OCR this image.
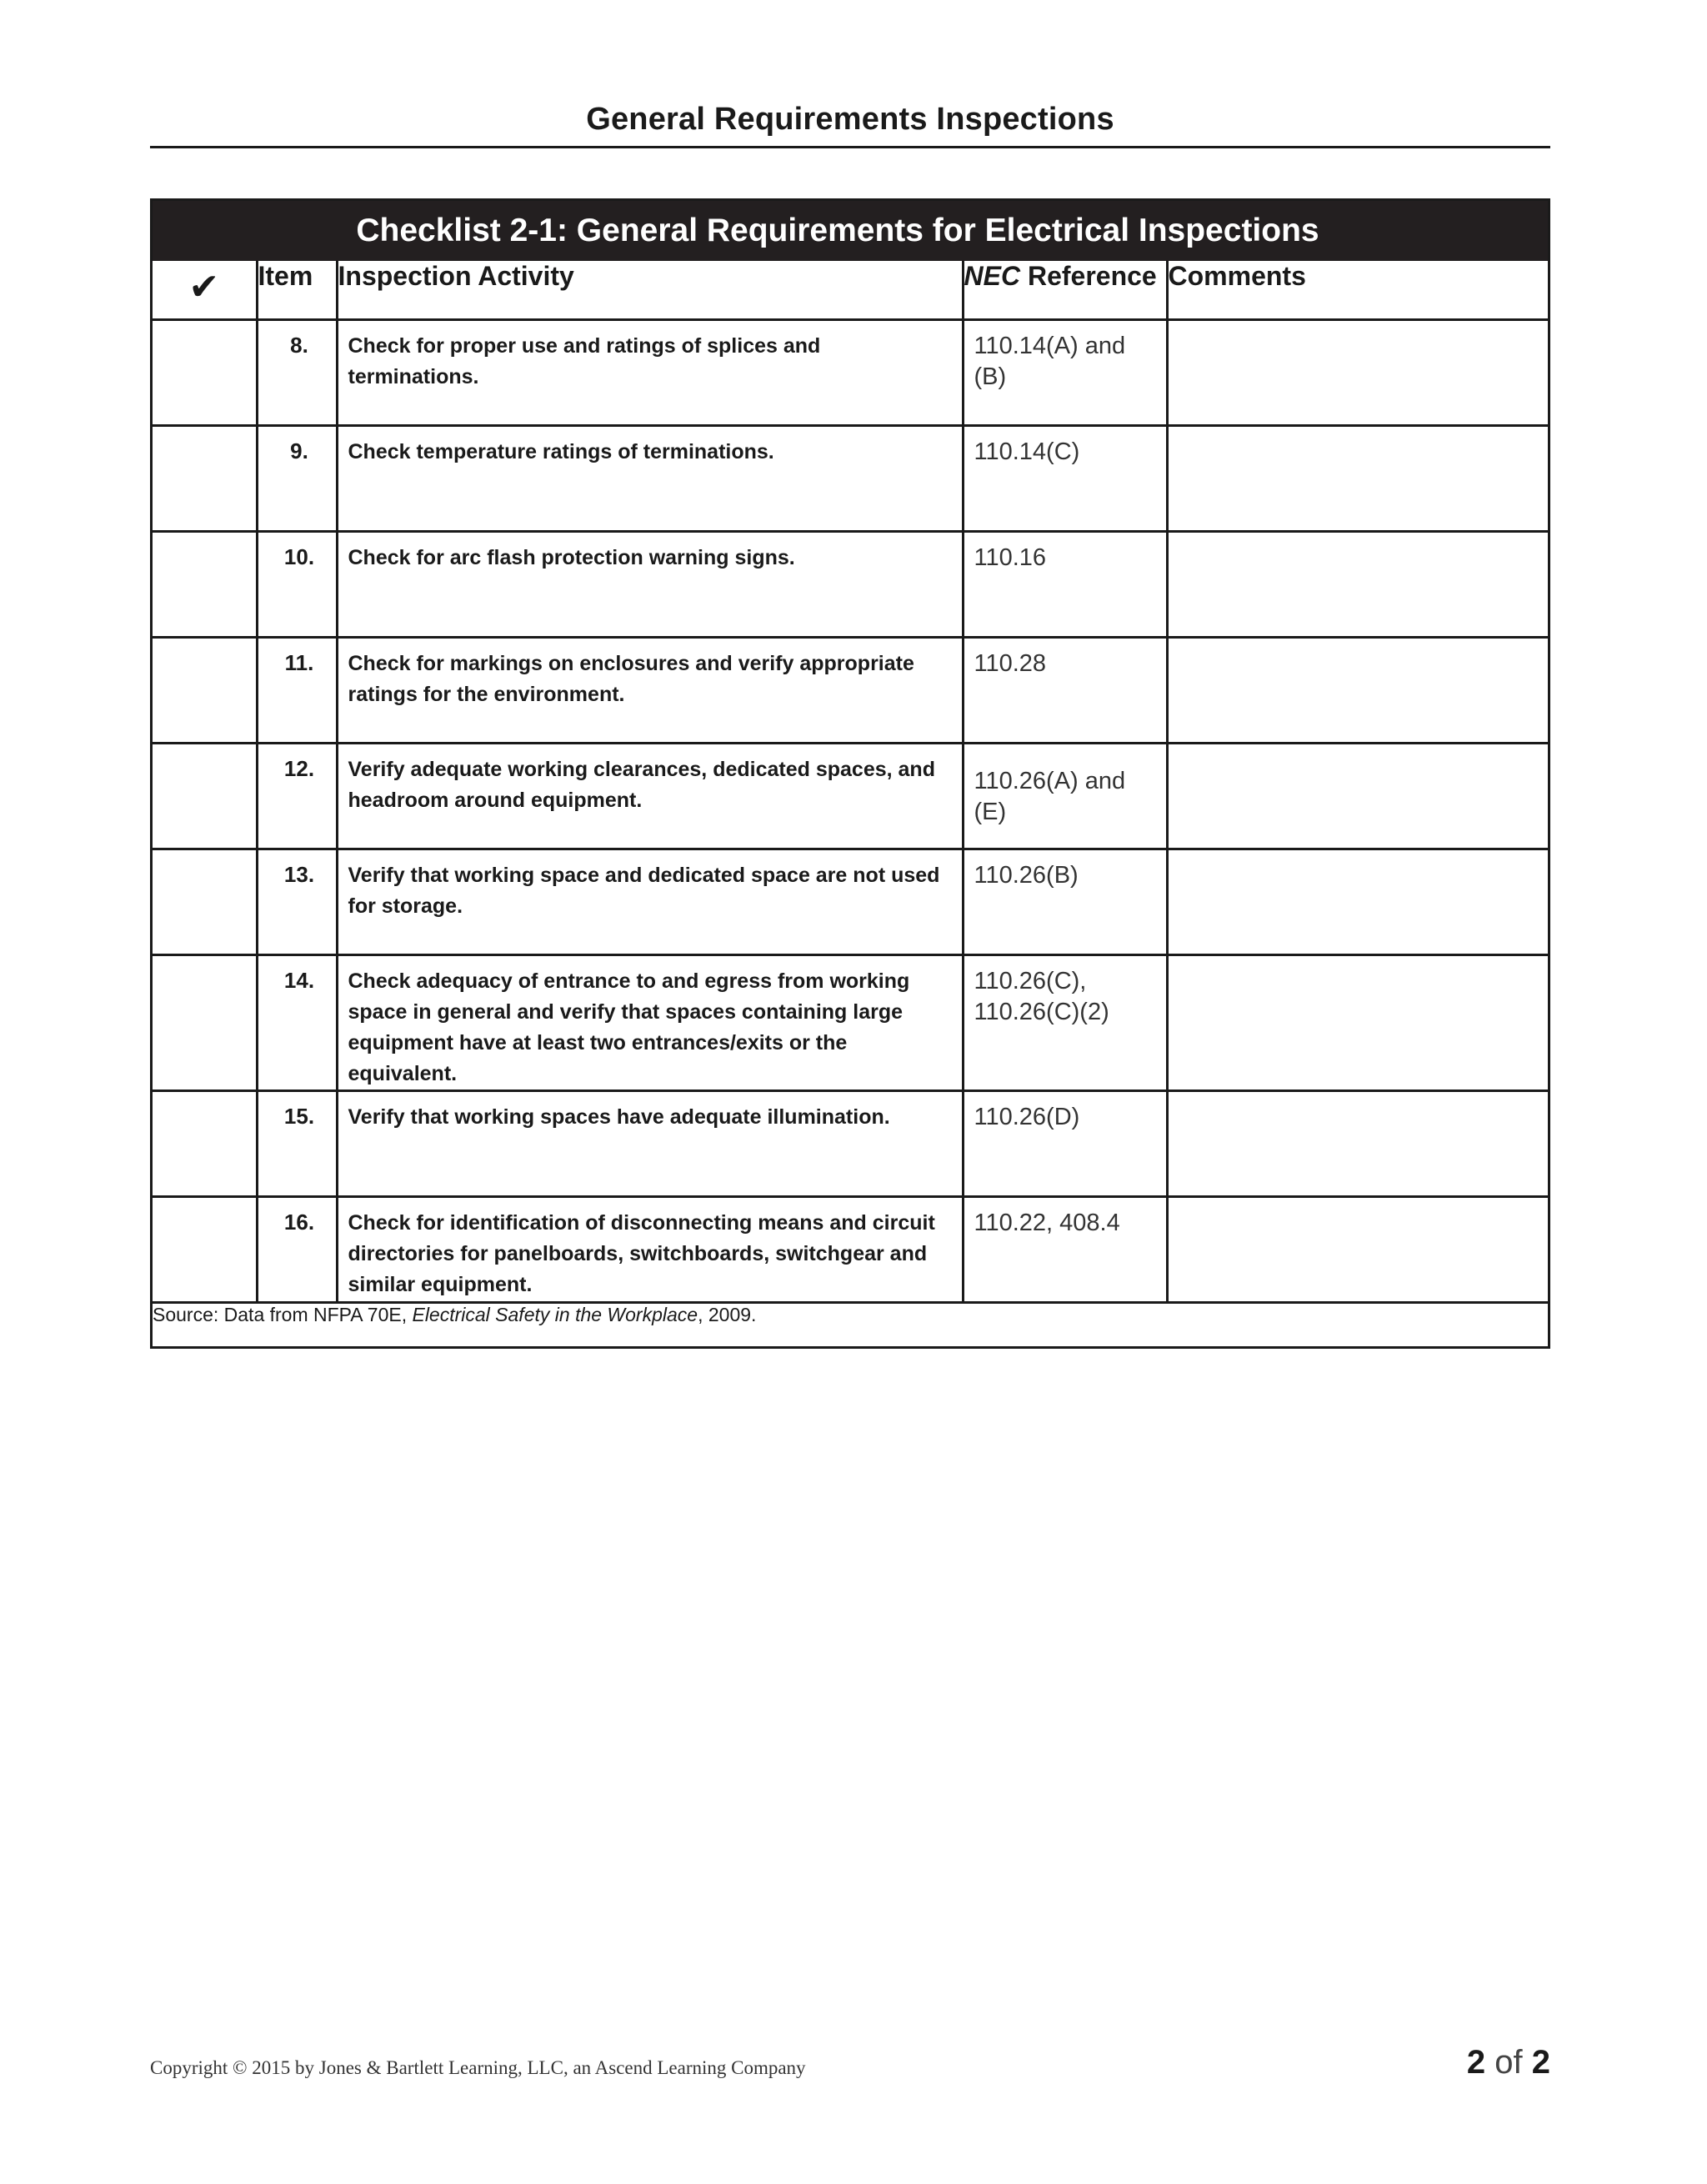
General Requirements Inspections
Checklist 2-1: General Requirements for Electrical Inspections (cont.)
✔	Item	Inspection Activity	NEC Reference	Comments
	8.	Check for proper use and ratings of splices and terminations.	110.14(A) and (B)	
	9.	Check temperature ratings of terminations.	110.14(C)	
	10.	Check for arc flash protection warning signs.	110.16	
	11.	Check for markings on enclosures and verify appropriate ratings for the environment.	110.28	
	12.	Verify adequate working clearances, dedicated spaces, and headroom around equipment.	110.26(A) and (E)	
	13.	Verify that working space and dedicated space are not used for storage.	110.26(B)	
	14.	Check adequacy of entrance to and egress from working space in general and verify that spaces containing large equipment have at least two entrances/exits or the equivalent.	110.26(C), 110.26(C)(2)	
	15.	Verify that working spaces have adequate illumination.	110.26(D)	
	16.	Check for identification of disconnecting means and circuit directories for panelboards, switchboards, switchgear and similar equipment.	110.22, 408.4	
Source: Data from NFPA 70E, Electrical Safety in the Workplace, 2009.				
Copyright © 2015 by Jones & Bartlett Learning, LLC, an Ascend Learning Company	2 of 2
